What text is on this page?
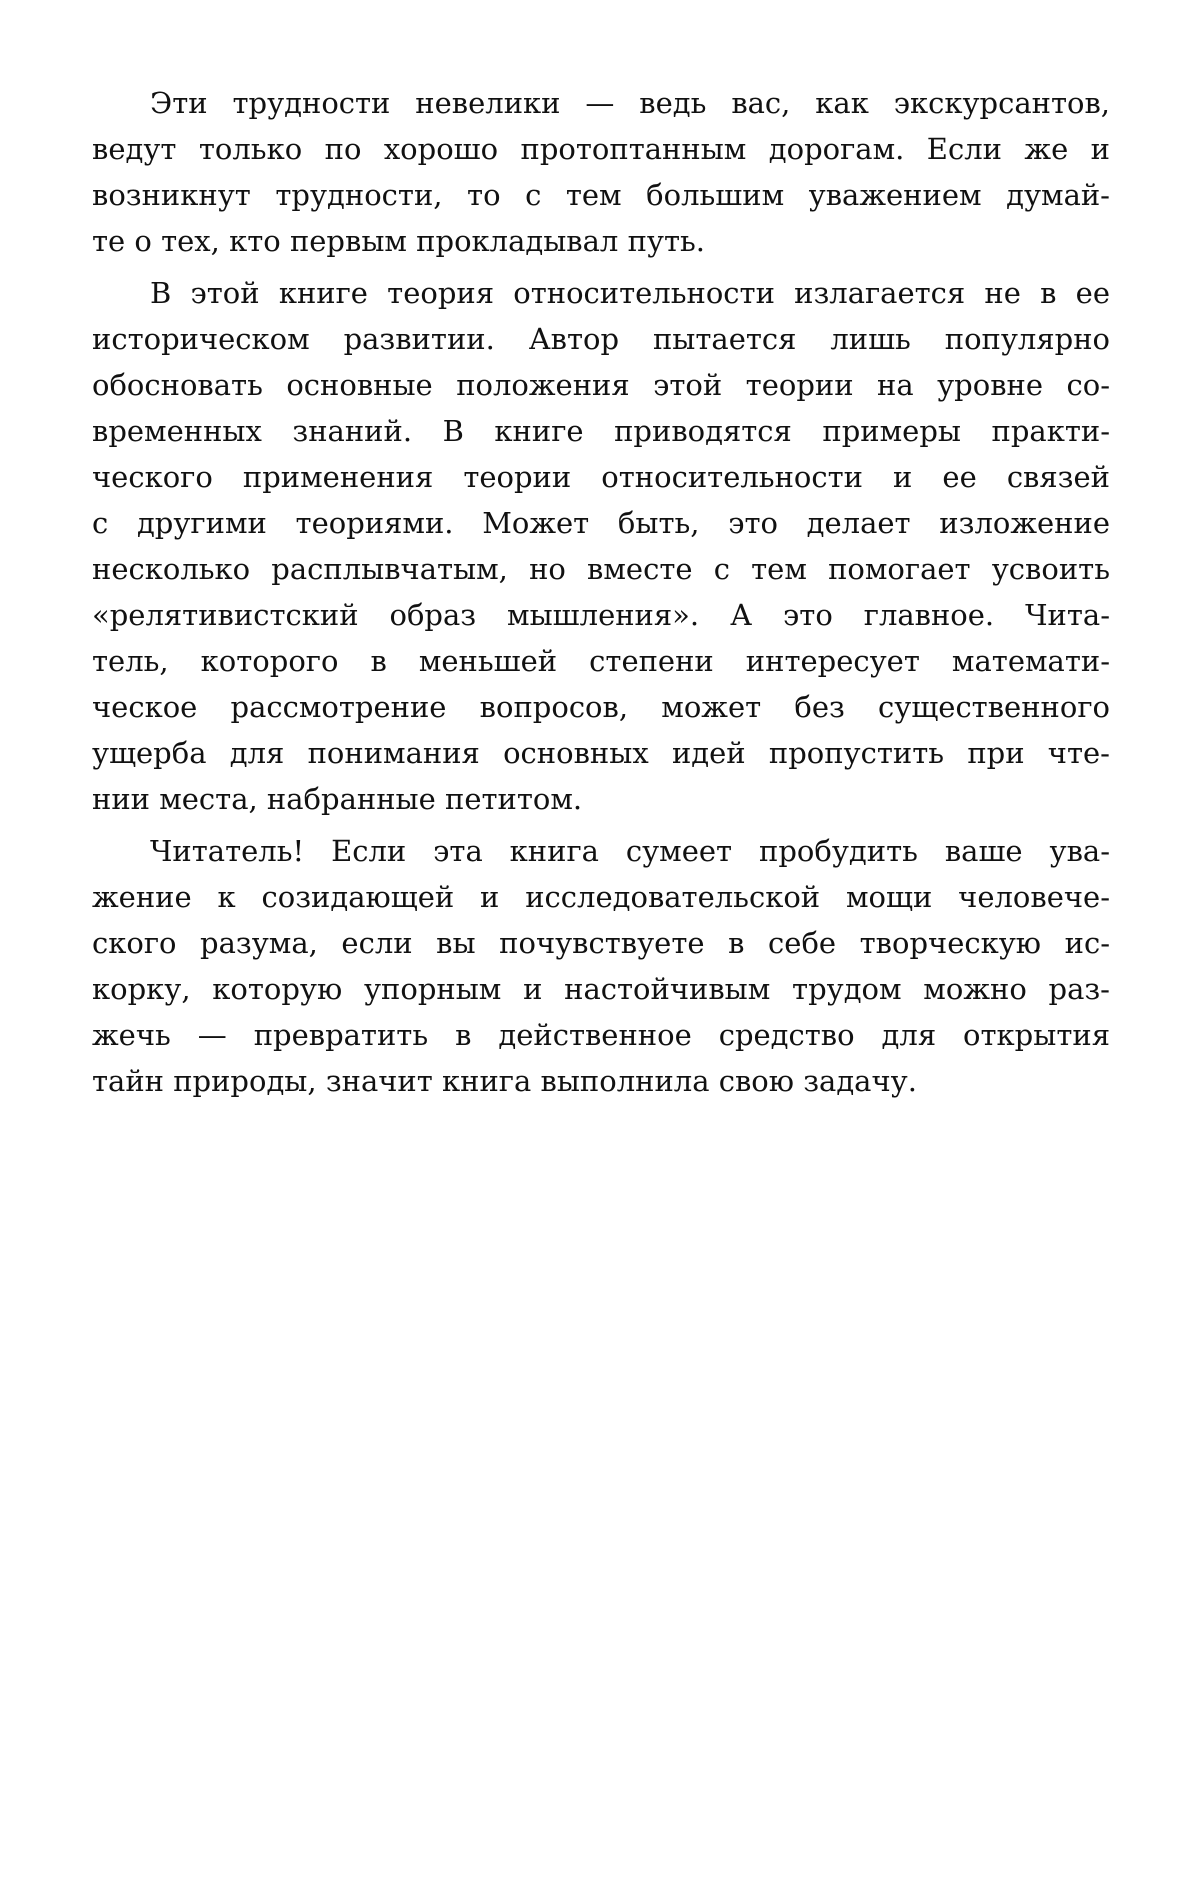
Эти трудности невелики — ведь вас, как экскурсантов,
ведут только по хорошо протоптанным дорогам. Если же и
возникнут трудности, то с тем большим уважением думай-
те о тех, кто первым прокладывал путь.

В этой книге теория относительности излагается не в ее
историческом развитии. Автор пытается лишь популярно
обосновать основные положения этой теории на уровне со-
временных знаний. В книге приводятся примеры практи-
ческого применения теории относительности и ее связей
с другими теориями. Может быть, это делает изложение
несколько расплывчатым, но вместе с тем помогает усвоить
«релятивистский образ мышления». А это главное. Чита-
тель, которого в меньшей степени интересует математи-
ческое рассмотрение вопросов, может без существенного
ущерба для понимания основных идей пропустить при чте-
нии места, набранные петитом.

Читатель! Если эта книга сумеет пробудить ваше ува-
жение к созидающей и исследовательской мощи человече-
ского разума, если вы почувствуете в себе творческую ис-
корку, которую упорным и настойчивым трудом можно раз-
жечь — превратить в действенное средство для открытия
тайн природы, значит книга выполнила свою задачу.
